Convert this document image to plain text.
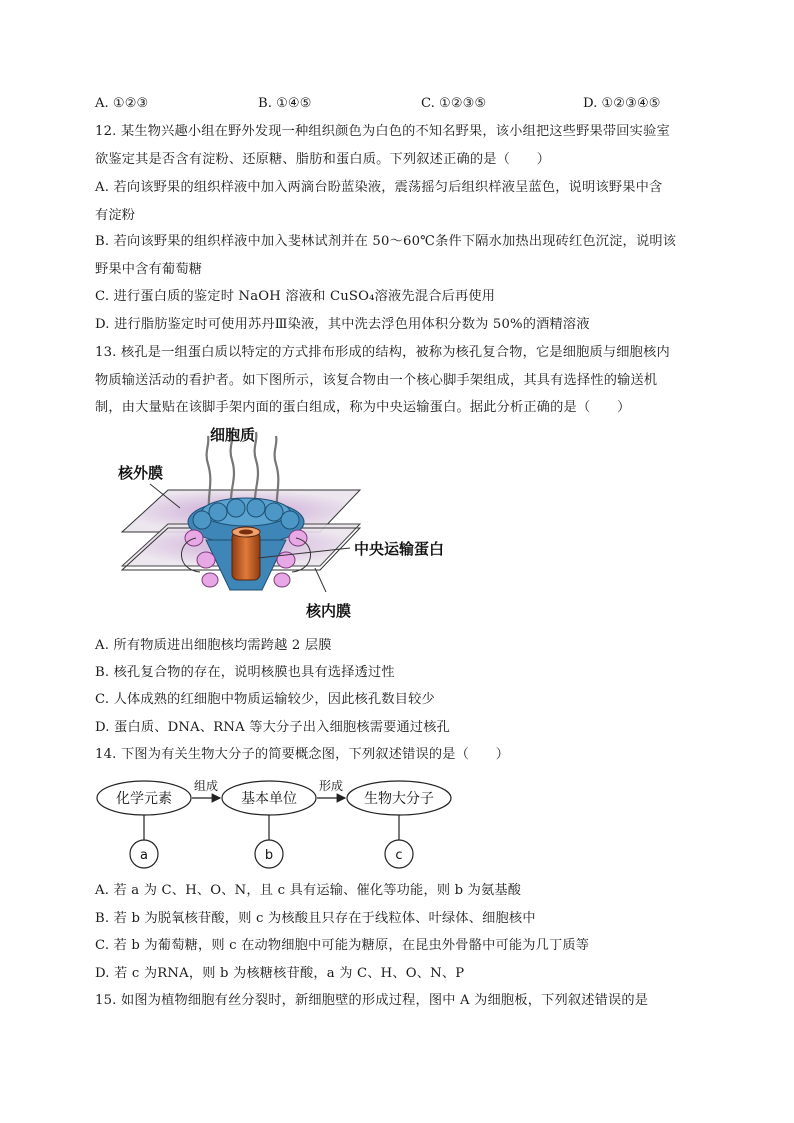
A. ①②③	B. ①④⑤	C. ①②③⑤	D. ①②③④⑤
12. 某生物兴趣小组在野外发现一种组织颜色为白色的不知名野果，该小组把这些野果带回实验室
欲鉴定其是否含有淀粉、还原糖、脂肪和蛋白质。下列叙述正确的是（　　）
A. 若向该野果的组织样液中加入两滴台盼蓝染液，震荡摇匀后组织样液呈蓝色，说明该野果中含
有淀粉
B. 若向该野果的组织样液中加入斐林试剂并在 50～60℃条件下隔水加热出现砖红色沉淀，说明该
野果中含有葡萄糖
C. 进行蛋白质的鉴定时 NaOH 溶液和 CuSO₄溶液先混合后再使用
D. 进行脂肪鉴定时可使用苏丹Ⅲ染液，其中洗去浮色用体积分数为 50%的酒精溶液
13. 核孔是一组蛋白质以特定的方式排布形成的结构，被称为核孔复合物，它是细胞质与细胞核内
物质输送活动的看护者。如下图所示，该复合物由一个核心脚手架组成，其具有选择性的输送机
制，由大量贴在该脚手架内面的蛋白组成，称为中央运输蛋白。据此分析正确的是（　　）
细胞质
核外膜
中央运输蛋白
核内膜
A. 所有物质进出细胞核均需跨越 2 层膜
B. 核孔复合物的存在，说明核膜也具有选择透过性
C. 人体成熟的红细胞中物质运输较少，因此核孔数目较少
D. 蛋白质、DNA、RNA 等大分子出入细胞核需要通过核孔
14. 下图为有关生物大分子的简要概念图，下列叙述错误的是（　　）
化学元素	基本单位	生物大分子
组成	形成
a	b	c
A. 若 a 为 C、H、O、N，且 c 具有运输、催化等功能，则 b 为氨基酸
B. 若 b 为脱氧核苷酸，则 c 为核酸且只存在于线粒体、叶绿体、细胞核中
C. 若 b 为葡萄糖，则 c 在动物细胞中可能为糖原，在昆虫外骨骼中可能为几丁质等
D. 若 c 为RNA，则 b 为核糖核苷酸，a 为 C、H、O、N、P
15. 如图为植物细胞有丝分裂时，新细胞壁的形成过程，图中 A 为细胞板，下列叙述错误的是
